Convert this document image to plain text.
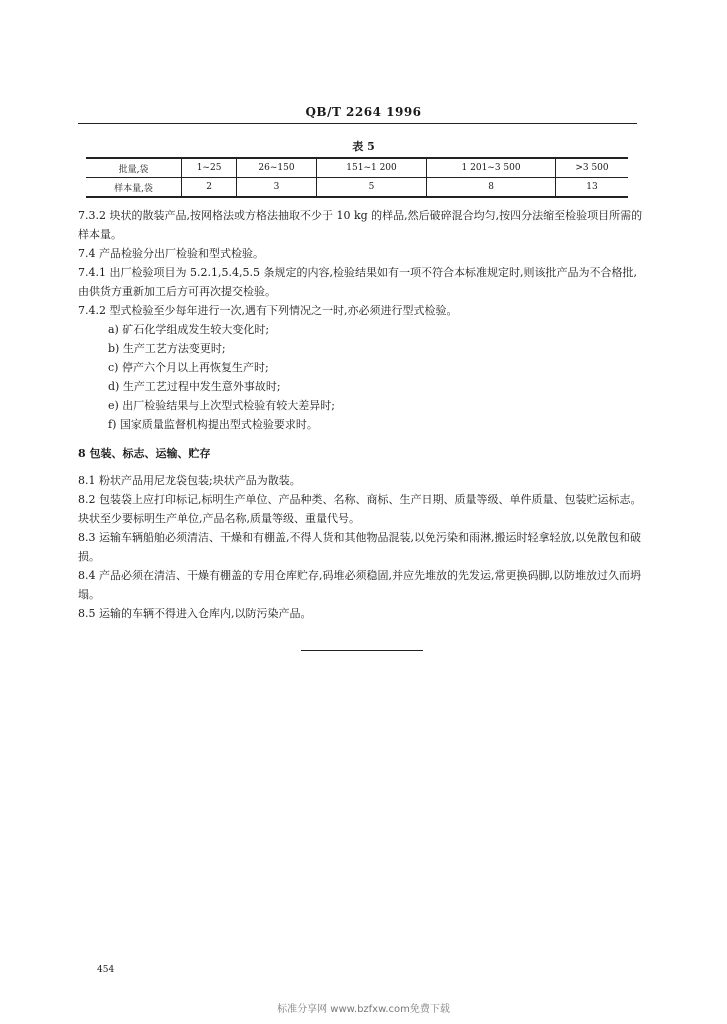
QB/T 2264 1996
表 5
批量,袋	1~25	26~150	151~1 200	1 201~3 500	>3 500
样本量,袋	2	3	5	8	13

7.3.2 块状的散装产品,按网格法或方格法抽取不少于 10 kg 的样品,然后破碎混合均匀,按四分法缩至检验项目所需的样本量。

7.4 产品检验分出厂检验和型式检验。

7.4.1 出厂检验项目为 5.2.1,5.4,5.5 条规定的内容,检验结果如有一项不符合本标准规定时,则该批产品为不合格批,由供货方重新加工后方可再次提交检验。

7.4.2 型式检验至少每年进行一次,遇有下列情况之一时,亦必须进行型式检验。

a) 矿石化学组成发生较大变化时;

b) 生产工艺方法变更时;

c) 停产六个月以上再恢复生产时;

d) 生产工艺过程中发生意外事故时;

e) 出厂检验结果与上次型式检验有较大差异时;

f) 国家质量监督机构提出型式检验要求时。

8 包装、标志、运输、贮存

8.1 粉状产品用尼龙袋包装;块状产品为散装。

8.2 包装袋上应打印标记,标明生产单位、产品种类、名称、商标、生产日期、质量等级、单件质量、包装贮运标志。块状至少要标明生产单位,产品名称,质量等级、重量代号。

8.3 运输车辆船舶必须清洁、干燥和有棚盖,不得人货和其他物品混装,以免污染和雨淋,搬运时轻拿轻放,以免散包和破损。

8.4 产品必须在清洁、干燥有棚盖的专用仓库贮存,码堆必须稳固,并应先堆放的先发运,常更换码脚,以防堆放过久而坍塌。

8.5 运输的车辆不得进入仓库内,以防污染产品。

454
标准分享网 www.bzfxw.com免费下载
